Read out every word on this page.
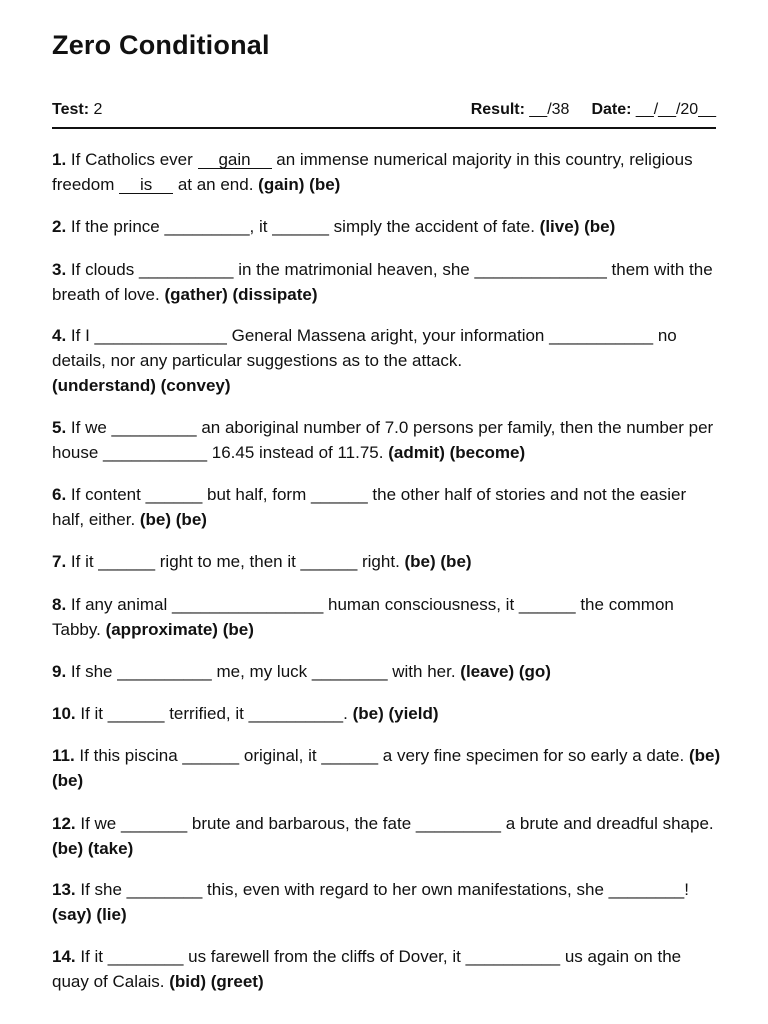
Zero Conditional
Test: 2	Result: __/38 Date: __/__/20__
1. If Catholics ever gain an immense numerical majority in this country, religious freedom is at an end. (gain) (be)
2. If the prince _________, it ______ simply the accident of fate. (live) (be)
3. If clouds __________ in the matrimonial heaven, she ______________ them with the breath of love. (gather) (dissipate)
4. If I ______________ General Massena aright, your information ___________ no details, nor any particular suggestions as to the attack.
(understand) (convey)
5. If we _________ an aboriginal number of 7.0 persons per family, then the number per house ___________ 16.45 instead of 11.75. (admit) (become)
6. If content ______ but half, form ______ the other half of stories and not the easier half, either. (be) (be)
7. If it ______ right to me, then it ______ right. (be) (be)
8. If any animal ________________ human consciousness, it ______ the common Tabby. (approximate) (be)
9. If she __________ me, my luck ________ with her. (leave) (go)
10. If it ______ terrified, it __________. (be) (yield)
11. If this piscina ______ original, it ______ a very fine specimen for so early a date. (be) (be)
12. If we _______ brute and barbarous, the fate _________ a brute and dreadful shape. (be) (take)
13. If she ________ this, even with regard to her own manifestations, she ________! (say) (lie)
14. If it ________ us farewell from the cliffs of Dover, it __________ us again on the quay of Calais. (bid) (greet)
